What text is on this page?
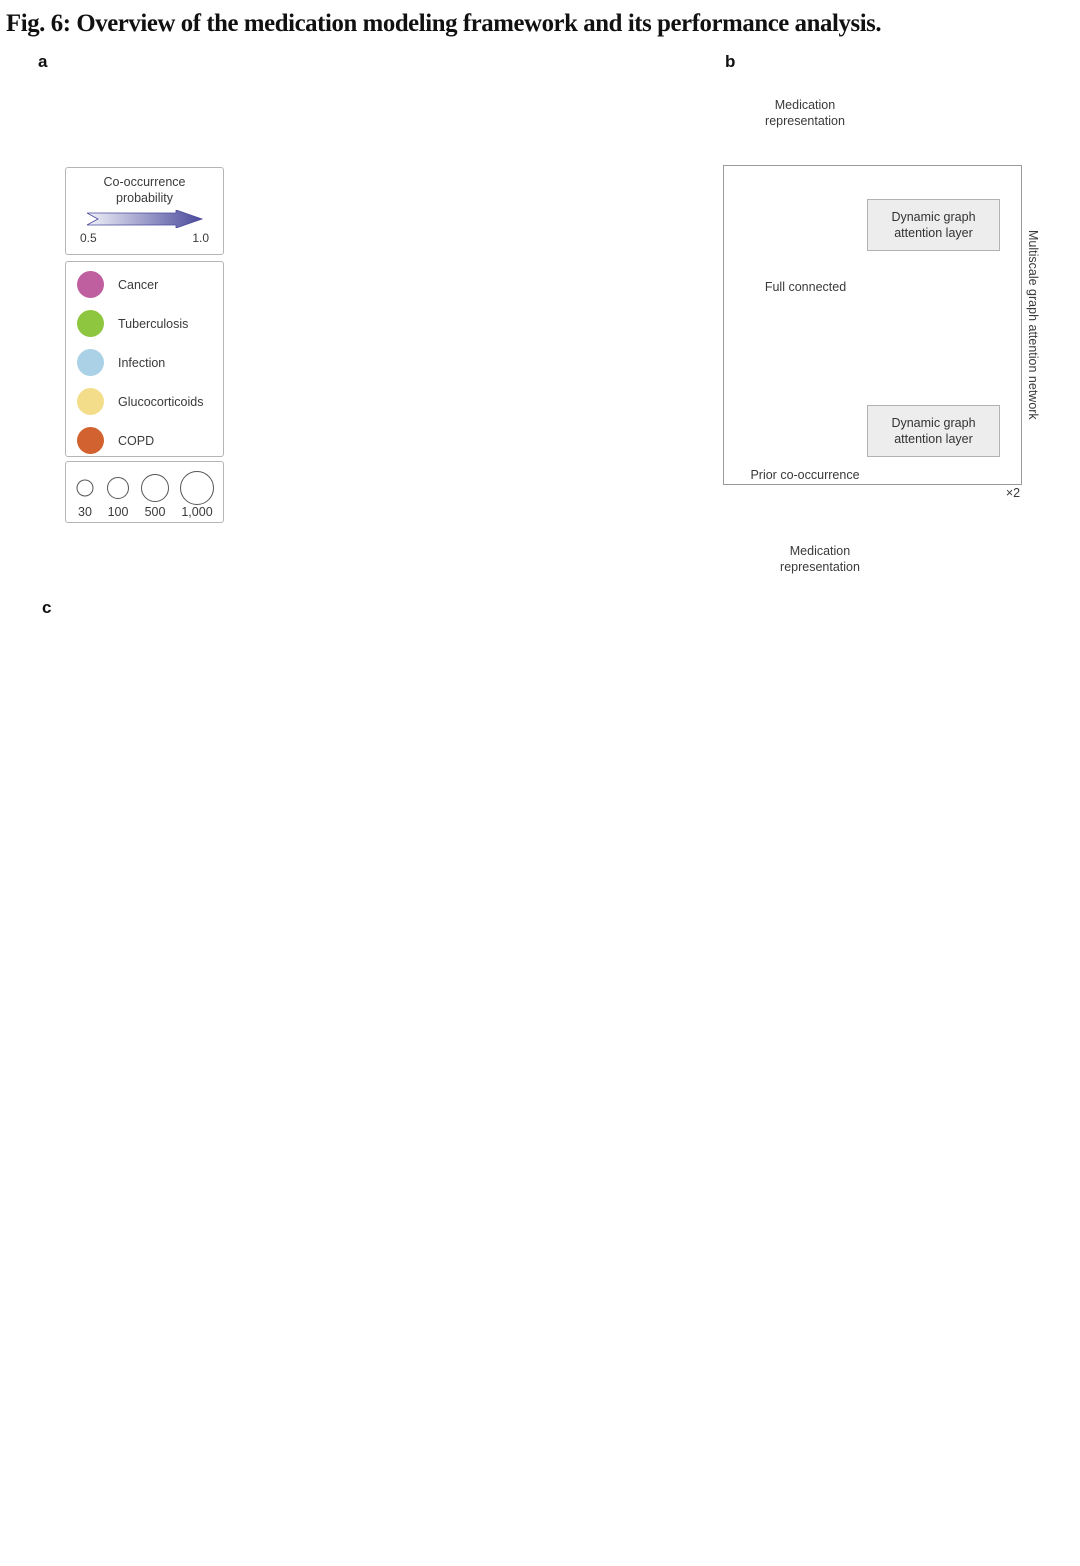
Fig. 6: Overview of the medication modeling framework and its performance analysis.
a
Co-occurrence
probability
0.5	1.0
Cancer
Tuberculosis
Infection
Glucocorticoids
COPD
30 100 500 1,000
b
Medication representation
Dynamic graph attention layer
Full connected
Dynamic graph attention layer
Prior co-occurrence
×2
Medication representation
Multiscale graph attention network
c
